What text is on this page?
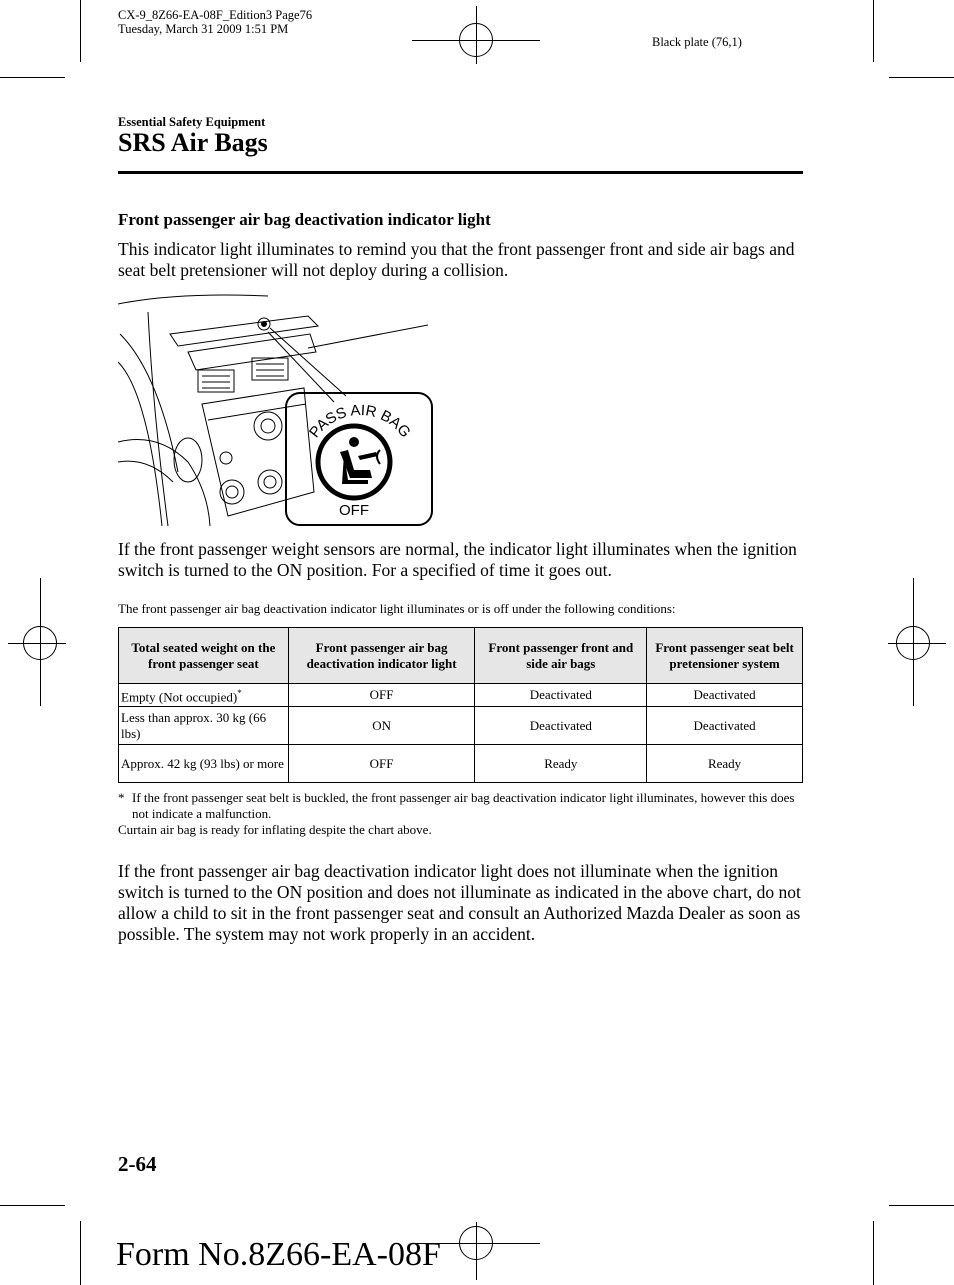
CX-9_8Z66-EA-08F_Edition3 Page76
Tuesday, March 31 2009 1:51 PM
Black plate (76,1)
Essential Safety Equipment
SRS Air Bags
Front passenger air bag deactivation indicator light
This indicator light illuminates to remind you that the front passenger front and side air bags and seat belt pretensioner will not deploy during a collision.
PASS AIR BAG
OFF
If the front passenger weight sensors are normal, the indicator light illuminates when the ignition switch is turned to the ON position. For a specified of time it goes out.
The front passenger air bag deactivation indicator light illuminates or is off under the following conditions:
Total seated weight on the front passenger seat	Front passenger air bag deactivation indicator light	Front passenger front and side air bags	Front passenger seat belt pretensioner system
Empty (Not occupied)*	OFF	Deactivated	Deactivated
Less than approx. 30 kg (66 lbs)	ON	Deactivated	Deactivated
Approx. 42 kg (93 lbs) or more	OFF	Ready	Ready
* If the front passenger seat belt is buckled, the front passenger air bag deactivation indicator light illuminates, however this does not indicate a malfunction.
Curtain air bag is ready for inflating despite the chart above.
If the front passenger air bag deactivation indicator light does not illuminate when the ignition switch is turned to the ON position and does not illuminate as indicated in the above chart, do not allow a child to sit in the front passenger seat and consult an Authorized Mazda Dealer as soon as possible. The system may not work properly in an accident.
2-64
Form No.8Z66-EA-08F
